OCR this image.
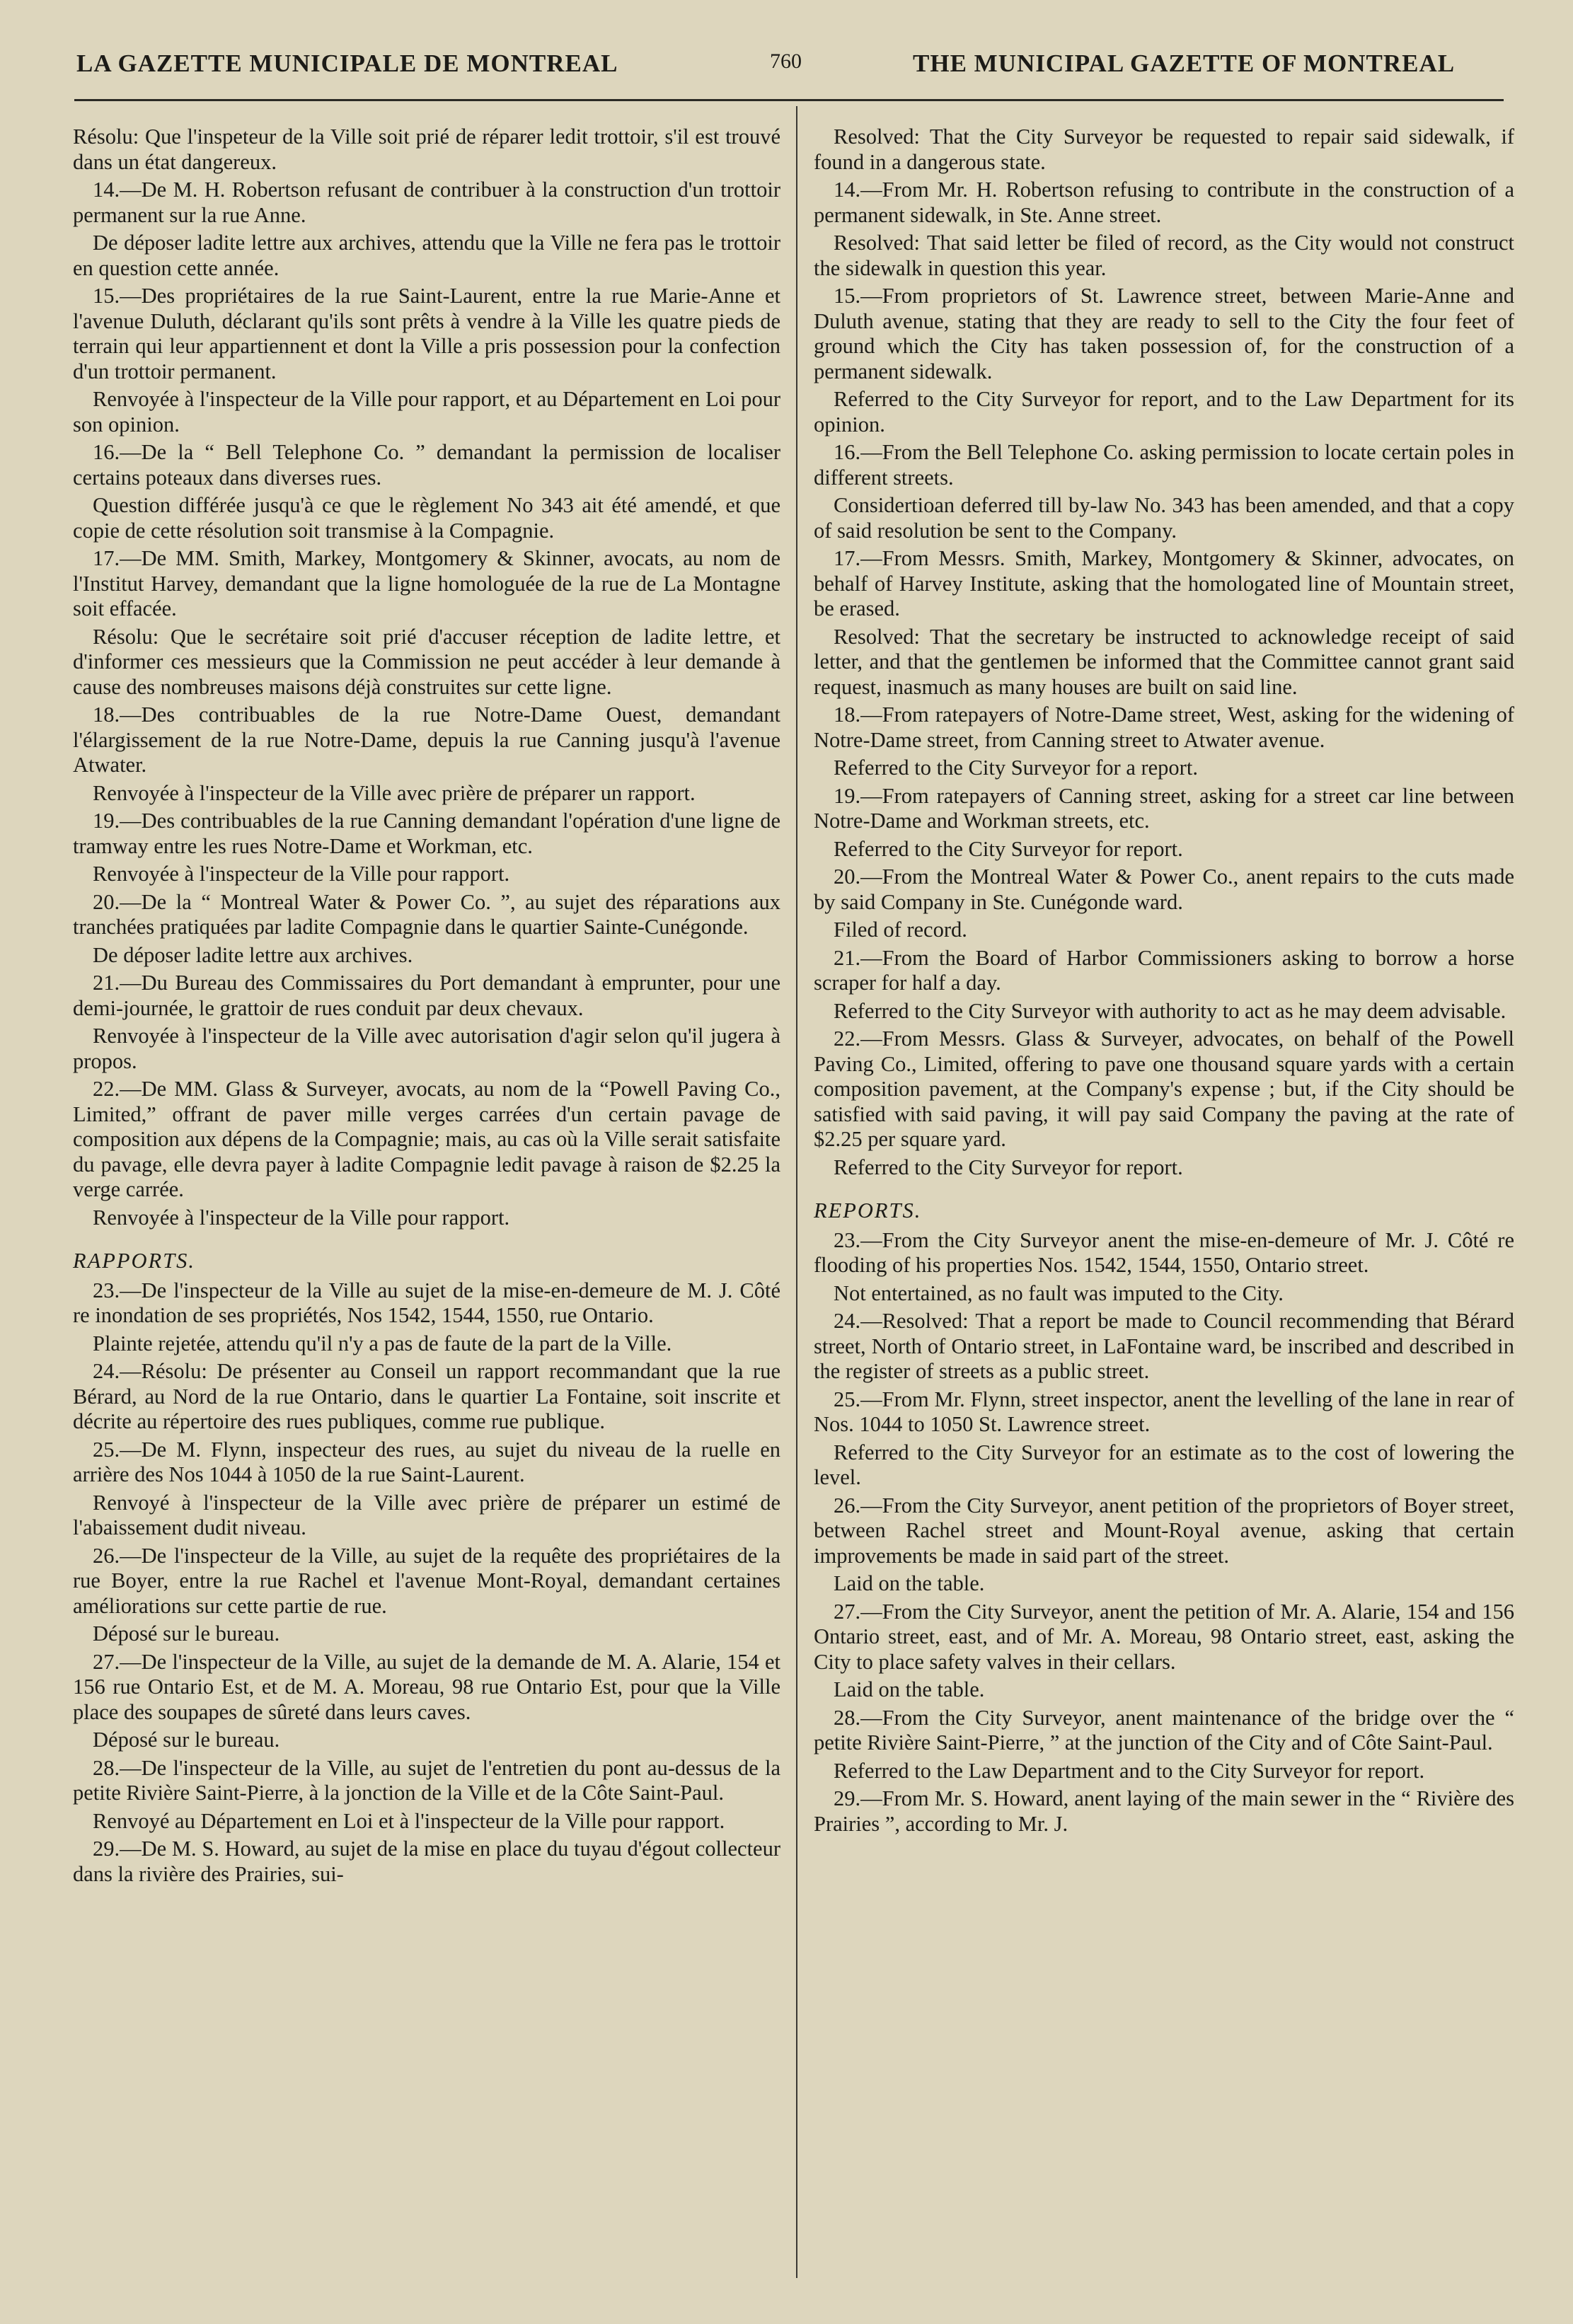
LA GAZETTE MUNICIPALE DE MONTREAL	760	THE MUNICIPAL GAZETTE OF MONTREAL

Résolu: Que l'inspeteur de la Ville soit prié de réparer ledit trottoir, s'il est trouvé dans un état dangereux.

14.—De M. H. Robertson refusant de contribuer à la construction d'un trottoir permanent sur la rue Anne.

De déposer ladite lettre aux archives, attendu que la Ville ne fera pas le trottoir en question cette année.

15.—Des propriétaires de la rue Saint-Laurent, entre la rue Marie-Anne et l'avenue Duluth, déclarant qu'ils sont prêts à vendre à la Ville les quatre pieds de terrain qui leur appartiennent et dont la Ville a pris possession pour la confection d'un trottoir permanent.

Renvoyée à l'inspecteur de la Ville pour rapport, et au Département en Loi pour son opinion.

16.—De la “ Bell Telephone Co. ” demandant la permission de localiser certains poteaux dans diverses rues.

Question différée jusqu'à ce que le règlement No 343 ait été amendé, et que copie de cette résolution soit transmise à la Compagnie.

17.—De MM. Smith, Markey, Montgomery & Skinner, avocats, au nom de l'Institut Harvey, demandant que la ligne homologuée de la rue de La Montagne soit effacée.

Résolu: Que le secrétaire soit prié d'accuser réception de ladite lettre, et d'informer ces messieurs que la Commission ne peut accéder à leur demande à cause des nombreuses maisons déjà construites sur cette ligne.

18.—Des contribuables de la rue Notre-Dame Ouest, demandant l'élargissement de la rue Notre-Dame, depuis la rue Canning jusqu'à l'avenue Atwater.

Renvoyée à l'inspecteur de la Ville avec prière de préparer un rapport.

19.—Des contribuables de la rue Canning demandant l'opération d'une ligne de tramway entre les rues Notre-Dame et Workman, etc.

Renvoyée à l'inspecteur de la Ville pour rapport.

20.—De la “ Montreal Water & Power Co. ”, au sujet des réparations aux tranchées pratiquées par ladite Compagnie dans le quartier Sainte-Cunégonde.

De déposer ladite lettre aux archives.

21.—Du Bureau des Commissaires du Port demandant à emprunter, pour une demi-journée, le grattoir de rues conduit par deux chevaux.

Renvoyée à l'inspecteur de la Ville avec autorisation d'agir selon qu'il jugera à propos.

22.—De MM. Glass & Surveyer, avocats, au nom de la “Powell Paving Co., Limited,” offrant de paver mille verges carrées d'un certain pavage de composition aux dépens de la Compagnie; mais, au cas où la Ville serait satisfaite du pavage, elle devra payer à ladite Compagnie ledit pavage à raison de $2.25 la verge carrée.

Renvoyée à l'inspecteur de la Ville pour rapport.

RAPPORTS.

23.—De l'inspecteur de la Ville au sujet de la mise-en-demeure de M. J. Côté re inondation de ses propriétés, Nos 1542, 1544, 1550, rue Ontario.

Plainte rejetée, attendu qu'il n'y a pas de faute de la part de la Ville.

24.—Résolu: De présenter au Conseil un rapport recommandant que la rue Bérard, au Nord de la rue Ontario, dans le quartier La Fontaine, soit inscrite et décrite au répertoire des rues publiques, comme rue publique.

25.—De M. Flynn, inspecteur des rues, au sujet du niveau de la ruelle en arrière des Nos 1044 à 1050 de la rue Saint-Laurent.

Renvoyé à l'inspecteur de la Ville avec prière de préparer un estimé de l'abaissement dudit niveau.

26.—De l'inspecteur de la Ville, au sujet de la requête des propriétaires de la rue Boyer, entre la rue Rachel et l'avenue Mont-Royal, demandant certaines améliorations sur cette partie de rue.

Déposé sur le bureau.

27.—De l'inspecteur de la Ville, au sujet de la demande de M. A. Alarie, 154 et 156 rue Ontario Est, et de M. A. Moreau, 98 rue Ontario Est, pour que la Ville place des soupapes de sûreté dans leurs caves.

Déposé sur le bureau.

28.—De l'inspecteur de la Ville, au sujet de l'entretien du pont au-dessus de la petite Rivière Saint-Pierre, à la jonction de la Ville et de la Côte Saint-Paul.

Renvoyé au Département en Loi et à l'inspecteur de la Ville pour rapport.

29.—De M. S. Howard, au sujet de la mise en place du tuyau d'égout collecteur dans la rivière des Prairies, sui-

Resolved: That the City Surveyor be requested to repair said sidewalk, if found in a dangerous state.

14.—From Mr. H. Robertson refusing to contribute in the construction of a permanent sidewalk, in Ste. Anne street.

Resolved: That said letter be filed of record, as the City would not construct the sidewalk in question this year.

15.—From proprietors of St. Lawrence street, between Marie-Anne and Duluth avenue, stating that they are ready to sell to the City the four feet of ground which the City has taken possession of, for the construction of a permanent sidewalk.

Referred to the City Surveyor for report, and to the Law Department for its opinion.

16.—From the Bell Telephone Co. asking permission to locate certain poles in different streets.

Considertioan deferred till by-law No. 343 has been amended, and that a copy of said resolution be sent to the Company.

17.—From Messrs. Smith, Markey, Montgomery & Skinner, advocates, on behalf of Harvey Institute, asking that the homologated line of Mountain street, be erased.

Resolved: That the secretary be instructed to acknowledge receipt of said letter, and that the gentlemen be informed that the Committee cannot grant said request, inasmuch as many houses are built on said line.

18.—From ratepayers of Notre-Dame street, West, asking for the widening of Notre-Dame street, from Canning street to Atwater avenue.

Referred to the City Surveyor for a report.

19.—From ratepayers of Canning street, asking for a street car line between Notre-Dame and Workman streets, etc.

Referred to the City Surveyor for report.

20.—From the Montreal Water & Power Co., anent repairs to the cuts made by said Company in Ste. Cunégonde ward.

Filed of record.

21.—From the Board of Harbor Commissioners asking to borrow a horse scraper for half a day.

Referred to the City Surveyor with authority to act as he may deem advisable.

22.—From Messrs. Glass & Surveyer, advocates, on behalf of the Powell Paving Co., Limited, offering to pave one thousand square yards with a certain composition pavement, at the Company's expense ; but, if the City should be satisfied with said paving, it will pay said Company the paving at the rate of $2.25 per square yard.

Referred to the City Surveyor for report.

REPORTS.

23.—From the City Surveyor anent the mise-en-demeure of Mr. J. Côté re flooding of his properties Nos. 1542, 1544, 1550, Ontario street.

Not entertained, as no fault was imputed to the City.

24.—Resolved: That a report be made to Council recommending that Bérard street, North of Ontario street, in LaFontaine ward, be inscribed and described in the register of streets as a public street.

25.—From Mr. Flynn, street inspector, anent the levelling of the lane in rear of Nos. 1044 to 1050 St. Lawrence street.

Referred to the City Surveyor for an estimate as to the cost of lowering the level.

26.—From the City Surveyor, anent petition of the proprietors of Boyer street, between Rachel street and Mount-Royal avenue, asking that certain improvements be made in said part of the street.

Laid on the table.

27.—From the City Surveyor, anent the petition of Mr. A. Alarie, 154 and 156 Ontario street, east, and of Mr. A. Moreau, 98 Ontario street, east, asking the City to place safety valves in their cellars.

Laid on the table.

28.—From the City Surveyor, anent maintenance of the bridge over the “ petite Rivière Saint-Pierre, ” at the junction of the City and of Côte Saint-Paul.

Referred to the Law Department and to the City Surveyor for report.

29.—From Mr. S. Howard, anent laying of the main sewer in the “ Rivière des Prairies ”, according to Mr. J.
